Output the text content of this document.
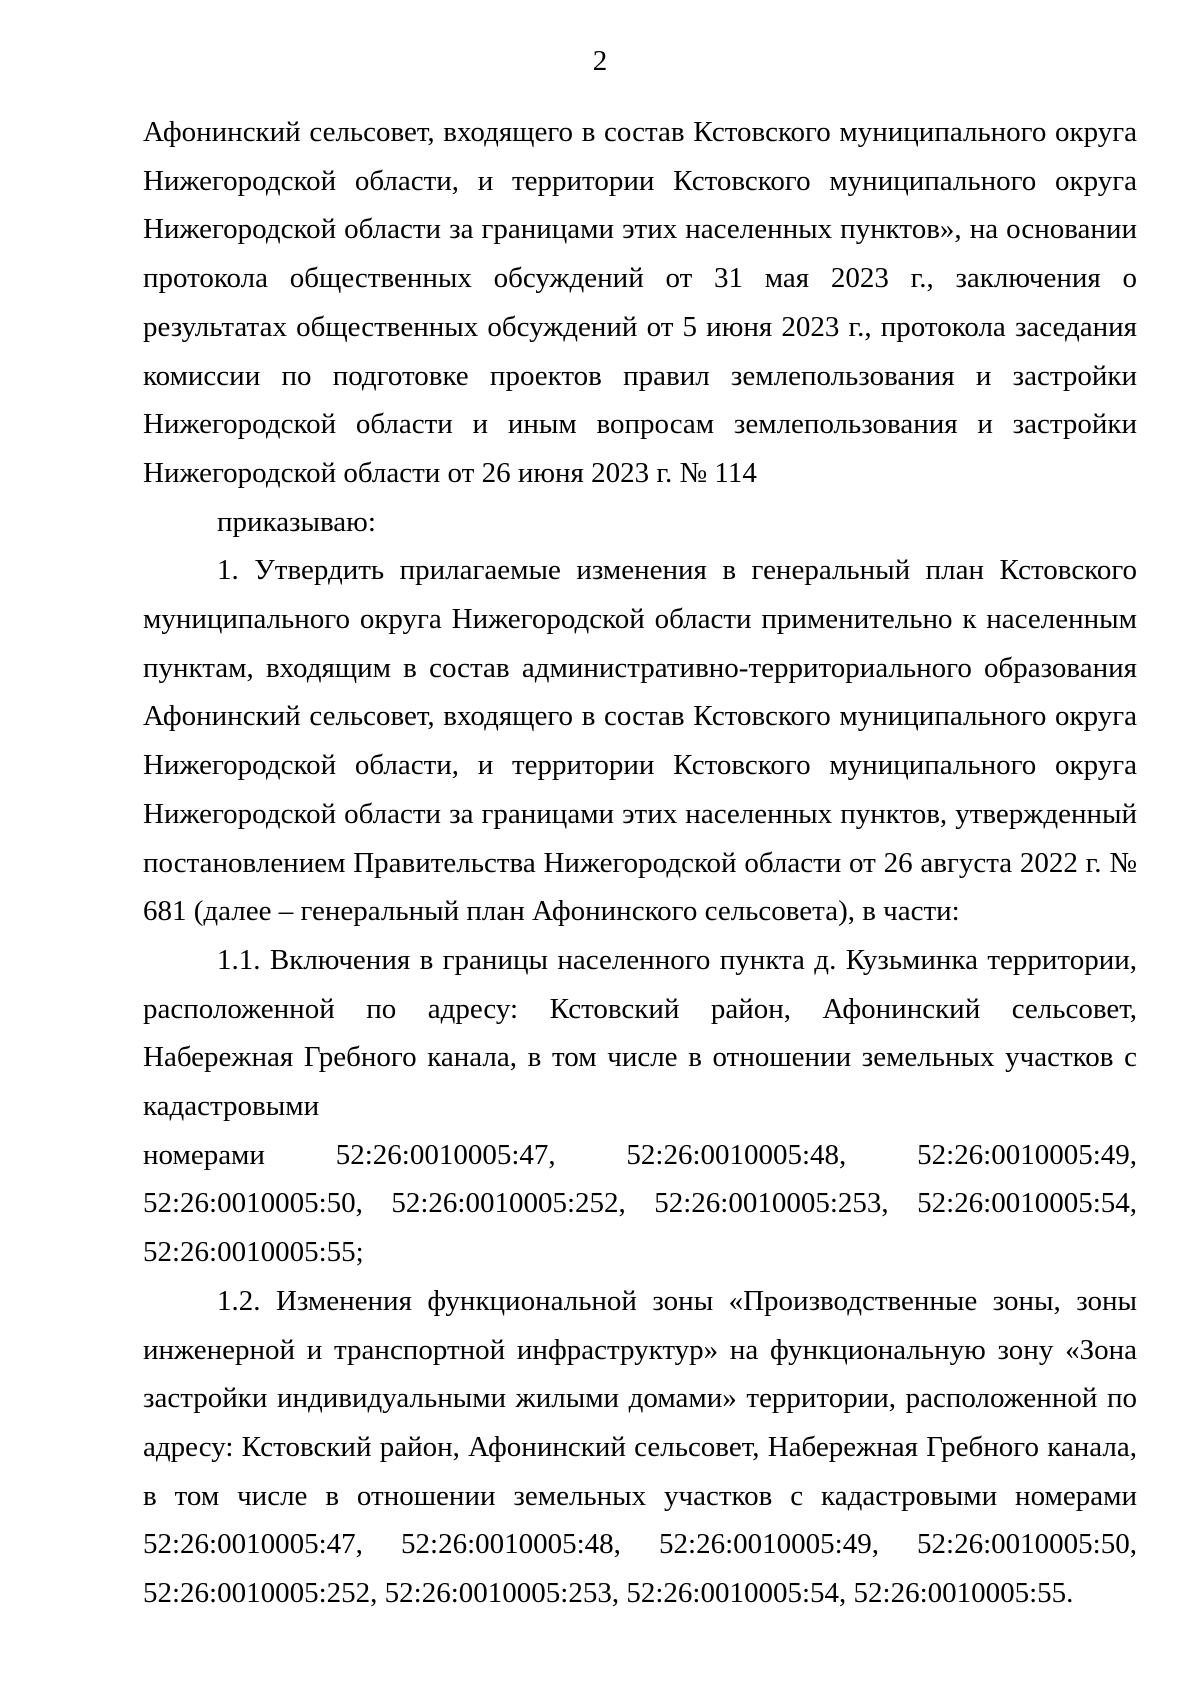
2

Афонинский сельсовет, входящего в состав Кстовского муниципального округа Нижегородской области, и территории Кстовского муниципального округа Нижегородской области за границами этих населенных пунктов», на основании протокола общественных обсуждений от 31 мая 2023 г., заключения о результатах общественных обсуждений от 5 июня 2023 г., протокола заседания комиссии по подготовке проектов правил землепользования и застройки Нижегородской области и иным вопросам землепользования и застройки Нижегородской области от 26 июня 2023 г. № 114

приказываю:

1. Утвердить прилагаемые изменения в генеральный план Кстовского муниципального округа Нижегородской области применительно к населенным пунктам, входящим в состав административно-территориального образования Афонинский сельсовет, входящего в состав Кстовского муниципального округа Нижегородской области, и территории Кстовского муниципального округа Нижегородской области за границами этих населенных пунктов, утвержденный постановлением Правительства Нижегородской области от 26 августа 2022 г. № 681 (далее – генеральный план Афонинского сельсовета), в части:

1.1. Включения в границы населенного пункта д. Кузьминка территории, расположенной по адресу: Кстовский район, Афонинский сельсовет, Набережная Гребного канала, в том числе в отношении земельных участков с кадастровыми

номерами 52:26:0010005:47, 52:26:0010005:48, 52:26:0010005:49,
52:26:0010005:50, 52:26:0010005:252, 52:26:0010005:253, 52:26:0010005:54,

52:26:0010005:55;

1.2. Изменения функциональной зоны «Производственные зоны, зоны инженерной и транспортной инфраструктур» на функциональную зону «Зона застройки индивидуальными жилыми домами» территории, расположенной по адресу: Кстовский район, Афонинский сельсовет, Набережная Гребного канала, в том числе в отношении земельных участков с кадастровыми номерами

52:26:0010005:47, 52:26:0010005:48, 52:26:0010005:49, 52:26:0010005:50,

52:26:0010005:252, 52:26:0010005:253, 52:26:0010005:54, 52:26:0010005:55.
